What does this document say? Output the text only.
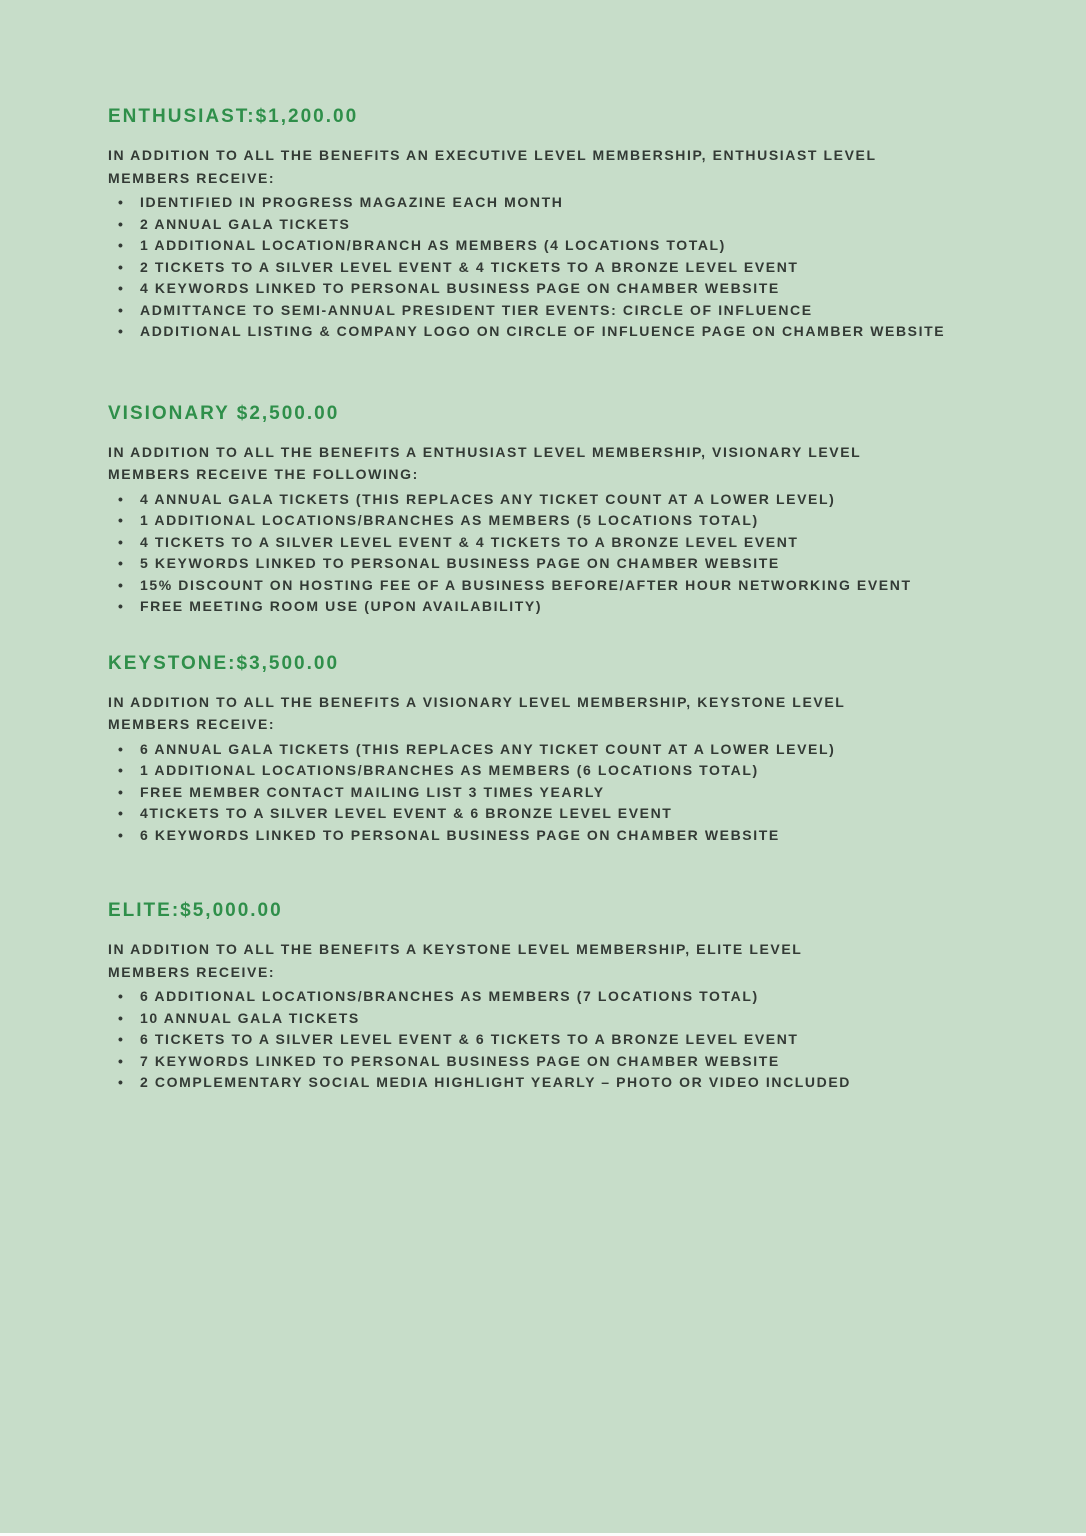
ENTHUSIAST:$1,200.00

IN ADDITION TO ALL THE BENEFITS AN EXECUTIVE LEVEL MEMBERSHIP, ENTHUSIAST LEVEL
MEMBERS RECEIVE:

• IDENTIFIED IN PROGRESS MAGAZINE EACH MONTH
• 2 ANNUAL GALA TICKETS
• 1 ADDITIONAL LOCATION/BRANCH AS MEMBERS (4 LOCATIONS TOTAL)
• 2 TICKETS TO A SILVER LEVEL EVENT & 4 TICKETS TO A BRONZE LEVEL EVENT
• 4 KEYWORDS LINKED TO PERSONAL BUSINESS PAGE ON CHAMBER WEBSITE
• ADMITTANCE TO SEMI-ANNUAL PRESIDENT TIER EVENTS: CIRCLE OF INFLUENCE
• ADDITIONAL LISTING & COMPANY LOGO ON CIRCLE OF INFLUENCE PAGE ON CHAMBER WEBSITE
VISIONARY $2,500.00

IN ADDITION TO ALL THE BENEFITS A ENTHUSIAST LEVEL MEMBERSHIP, VISIONARY LEVEL
MEMBERS RECEIVE THE FOLLOWING:

• 4 ANNUAL GALA TICKETS (THIS REPLACES ANY TICKET COUNT AT A LOWER LEVEL)
• 1 ADDITIONAL LOCATIONS/BRANCHES AS MEMBERS (5 LOCATIONS TOTAL)
• 4 TICKETS TO A SILVER LEVEL EVENT & 4 TICKETS TO A BRONZE LEVEL EVENT
• 5 KEYWORDS LINKED TO PERSONAL BUSINESS PAGE ON CHAMBER WEBSITE
• 15% DISCOUNT ON HOSTING FEE OF A BUSINESS BEFORE/AFTER HOUR NETWORKING EVENT
• FREE MEETING ROOM USE (UPON AVAILABILITY)
KEYSTONE:$3,500.00

IN ADDITION TO ALL THE BENEFITS A VISIONARY LEVEL MEMBERSHIP, KEYSTONE LEVEL
MEMBERS RECEIVE:

• 6 ANNUAL GALA TICKETS (THIS REPLACES ANY TICKET COUNT AT A LOWER LEVEL)
• 1 ADDITIONAL LOCATIONS/BRANCHES AS MEMBERS (6 LOCATIONS TOTAL)
• FREE MEMBER CONTACT MAILING LIST 3 TIMES YEARLY
• 4TICKETS TO A SILVER LEVEL EVENT & 6 BRONZE LEVEL EVENT
• 6 KEYWORDS LINKED TO PERSONAL BUSINESS PAGE ON CHAMBER WEBSITE
ELITE:$5,000.00

IN ADDITION TO ALL THE BENEFITS A KEYSTONE LEVEL MEMBERSHIP, ELITE LEVEL
MEMBERS RECEIVE:

• 6 ADDITIONAL LOCATIONS/BRANCHES AS MEMBERS (7 LOCATIONS TOTAL)
• 10 ANNUAL GALA TICKETS
• 6 TICKETS TO A SILVER LEVEL EVENT & 6 TICKETS TO A BRONZE LEVEL EVENT
• 7 KEYWORDS LINKED TO PERSONAL BUSINESS PAGE ON CHAMBER WEBSITE
• 2 COMPLEMENTARY SOCIAL MEDIA HIGHLIGHT YEARLY – PHOTO OR VIDEO INCLUDED
